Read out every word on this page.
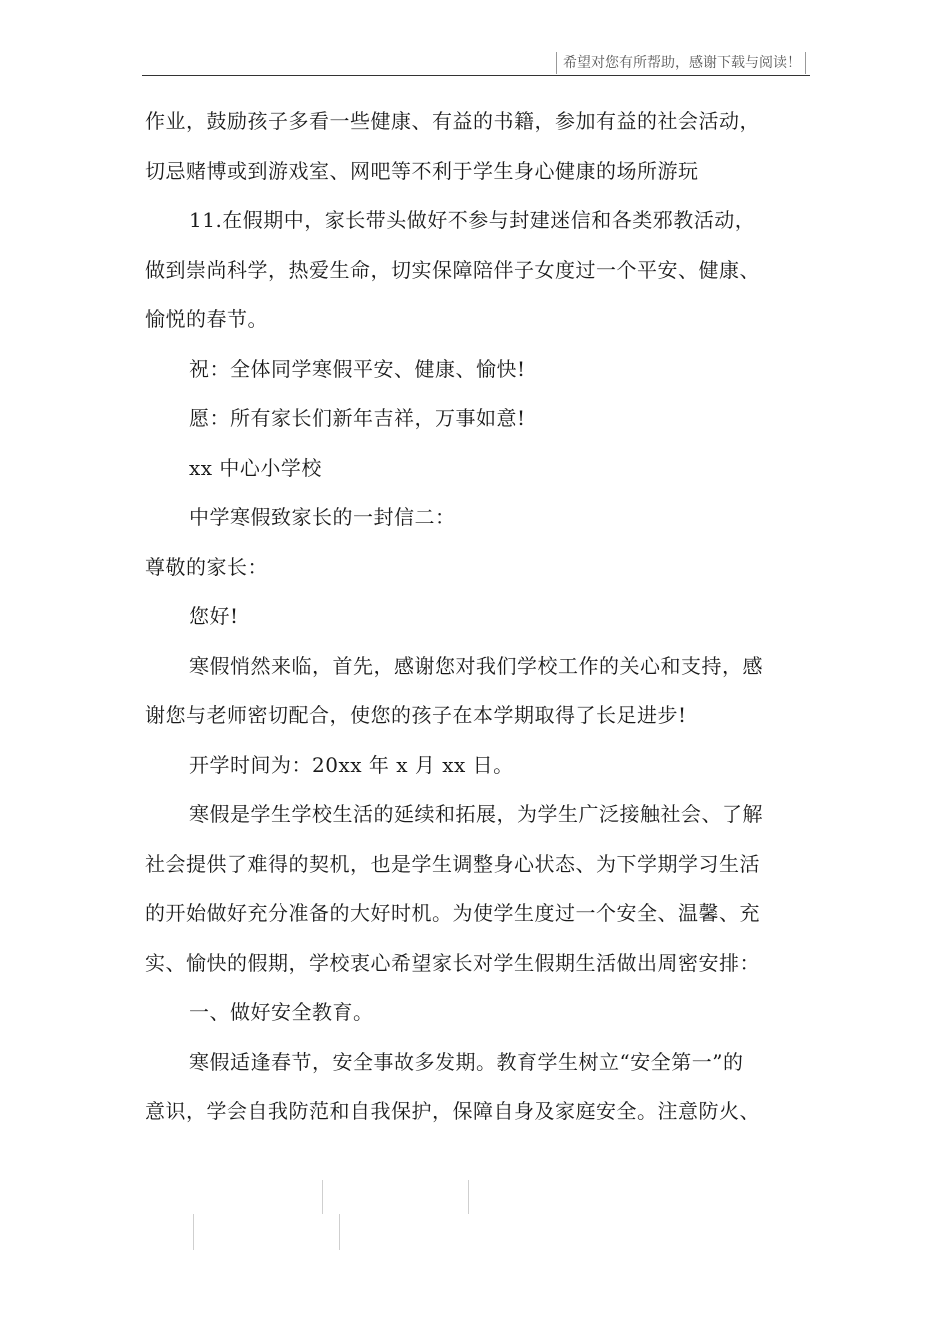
希望对您有所帮助，感谢下载与阅读！
作业，鼓励孩子多看一些健康、有益的书籍，参加有益的社会活动，
切忌赌博或到游戏室、网吧等不利于学生身心健康的场所游玩
11.在假期中，家长带头做好不参与封建迷信和各类邪教活动，
做到崇尚科学，热爱生命，切实保障陪伴子女度过一个平安、健康、
愉悦的春节。
祝：全体同学寒假平安、健康、愉快!
愿：所有家长们新年吉祥，万事如意!
xx 中心小学校
中学寒假致家长的一封信二：
尊敬的家长：
您好!
寒假悄然来临，首先，感谢您对我们学校工作的关心和支持，感
谢您与老师密切配合，使您的孩子在本学期取得了长足进步!
开学时间为：20xx 年 x 月 xx 日。
寒假是学生学校生活的延续和拓展，为学生广泛接触社会、了解
社会提供了难得的契机，也是学生调整身心状态、为下学期学习生活
的开始做好充分准备的大好时机。为使学生度过一个安全、温馨、充
实、愉快的假期，学校衷心希望家长对学生假期生活做出周密安排：
一、做好安全教育。
寒假适逢春节，安全事故多发期。教育学生树立“安全第一”的
意识，学会自我防范和自我保护，保障自身及家庭安全。注意防火、
